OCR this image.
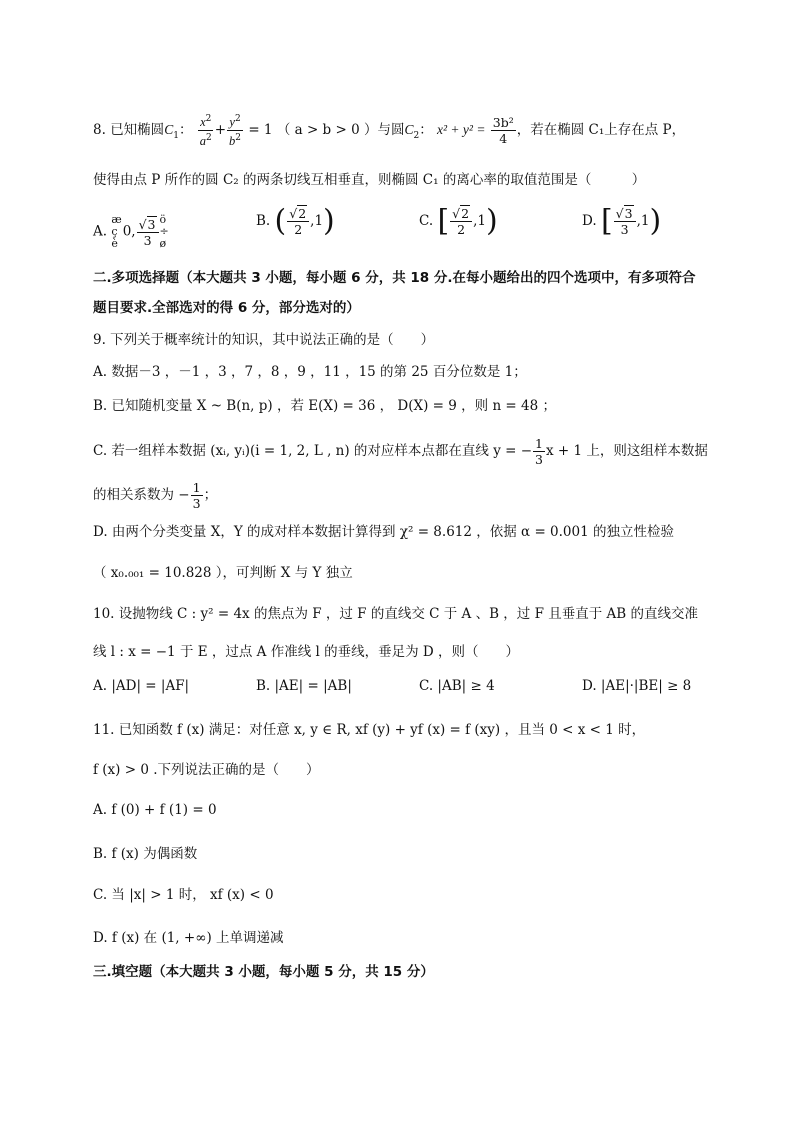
8. 已知椭圆$C_1$： $\frac{x^2}{a^2} + \frac{y^2}{b^2} = 1$ （ a > b > 0 ）与圆$C_2$： $x^2 + y^2 = \frac{\text{3b²}}{4}$ ，若在椭圆 C₁上存在点 P，
使得由点 P 所作的圆 C₂ 的两条切线互相垂直，则椭圆 C₁ 的离心率的取值范围是（　　　）
A.
æ
ç
è
0, $\frac{√3}{3}$ ö
÷
ø
B. ( $\frac{√2}{2} ,1$)	C. [ $\frac{√2}{2} ,1$)	D. [ $\frac{√3}{3} ,1$)
二.多项选择题（本大题共 3 小题，每小题 6 分，共 18 分.在每小题给出的四个选项中，有多项符合
题目要求.全部选对的得 6 分，部分选对的）
9. 下列关于概率统计的知识，其中说法正确的是（　　）
A. 数据－3 ，－1 ，3 ，7 ，8 ，9 ，11 ，15 的第 25 百分位数是 1；
B. 已知随机变量 X ~ B(n, p) ，若 E(X) = 36 ， D(X) = 9 ，则 n = 48 ；
C. 若一组样本数据 (xᵢ, yᵢ)(i = 1, 2, L , n) 的对应样本点都在直线 y = − $\frac{1}{3}$ x + 1 上，则这组样本数据
的相关系数为 − $\frac{1}{3}$ ；
D. 由两个分类变量 X，Y 的成对样本数据计算得到 χ² = 8.612 ，依据 α = 0.001 的独立性检验
（ x₀.₀₀₁ = 10.828 ），可判断 X 与 Y 独立
10. 设抛物线 C : y² = 4x 的焦点为 F ，过 F 的直线交 C 于 A 、B ，过 F 且垂直于 AB 的直线交准
线 l : x = −1 于 E ，过点 A 作准线 l 的垂线，垂足为 D ，则（　　）
A. |AD| = |AF|	B. |AE| = |AB|	C. |AB| ≥ 4	D. |AE|·|BE| ≥ 8
11. 已知函数 f (x) 满足：对任意 x, y ∈ R, xf (y) + yf (x) = f (xy) ，且当 0 < x < 1 时，
f (x) > 0 .下列说法正确的是（　　）
A. f (0) + f (1) = 0
B. f (x) 为偶函数
C. 当 |x| > 1 时， xf (x) < 0
D. f (x) 在 (1, +∞) 上单调递减
三.填空题（本大题共 3 小题，每小题 5 分，共 15 分）
